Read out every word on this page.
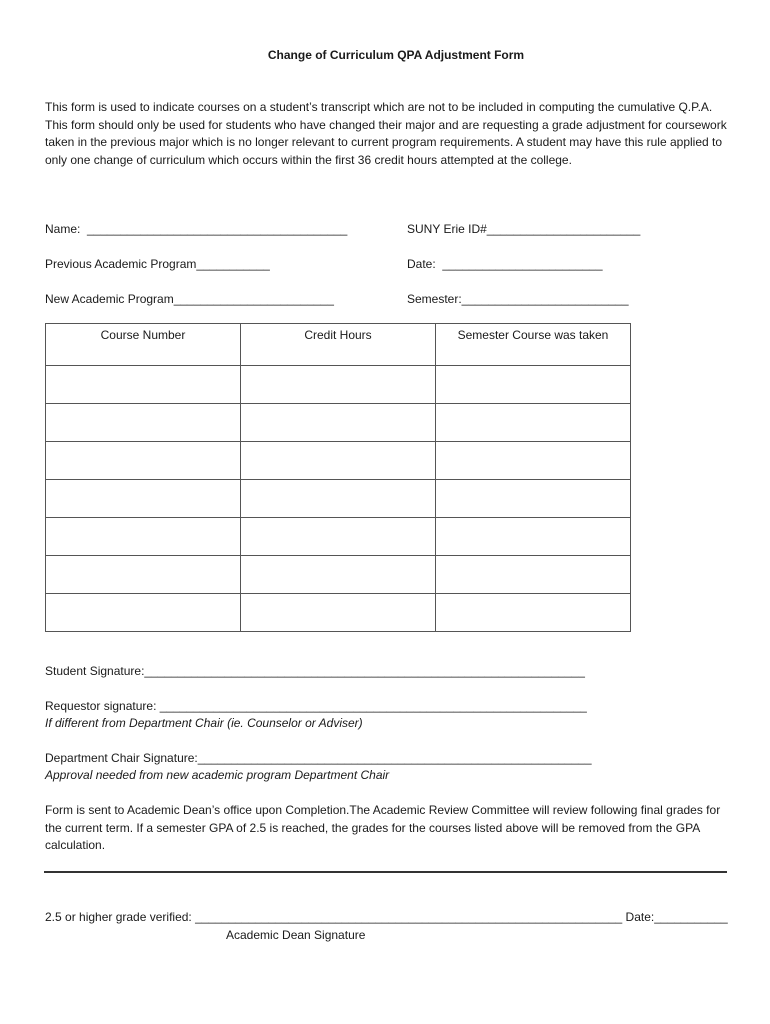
Change of Curriculum QPA Adjustment Form
This form is used to indicate courses on a student’s transcript which are not to be included in computing the cumulative Q.P.A. This form should only be used for students who have changed their major and are requesting a grade adjustment for coursework taken in the previous major which is no longer relevant to current program requirements. A student may have this rule applied to only one change of curriculum which occurs within the first 36 credit hours attempted at the college.
Name:  _______________________________________	SUNY Erie ID#_______________________
Previous Academic Program___________	Date:  ________________________
New Academic Program________________________	Semester:_________________________
Course Number	Credit Hours	Semester Course was taken

Student Signature:__________________________________________________________________
Requestor signature: ________________________________________________________________
If different from Department Chair (ie. Counselor or Adviser)
Department Chair Signature:___________________________________________________________
Approval needed from new academic program Department Chair
Form is sent to Academic Dean’s office upon Completion.The Academic Review Committee will review following final grades for the current term. If a semester GPA of 2.5 is reached, the grades for the courses listed above will be removed from the GPA calculation.
2.5 or higher grade verified: ________________________________________________________________ Date:___________
Academic Dean Signature
